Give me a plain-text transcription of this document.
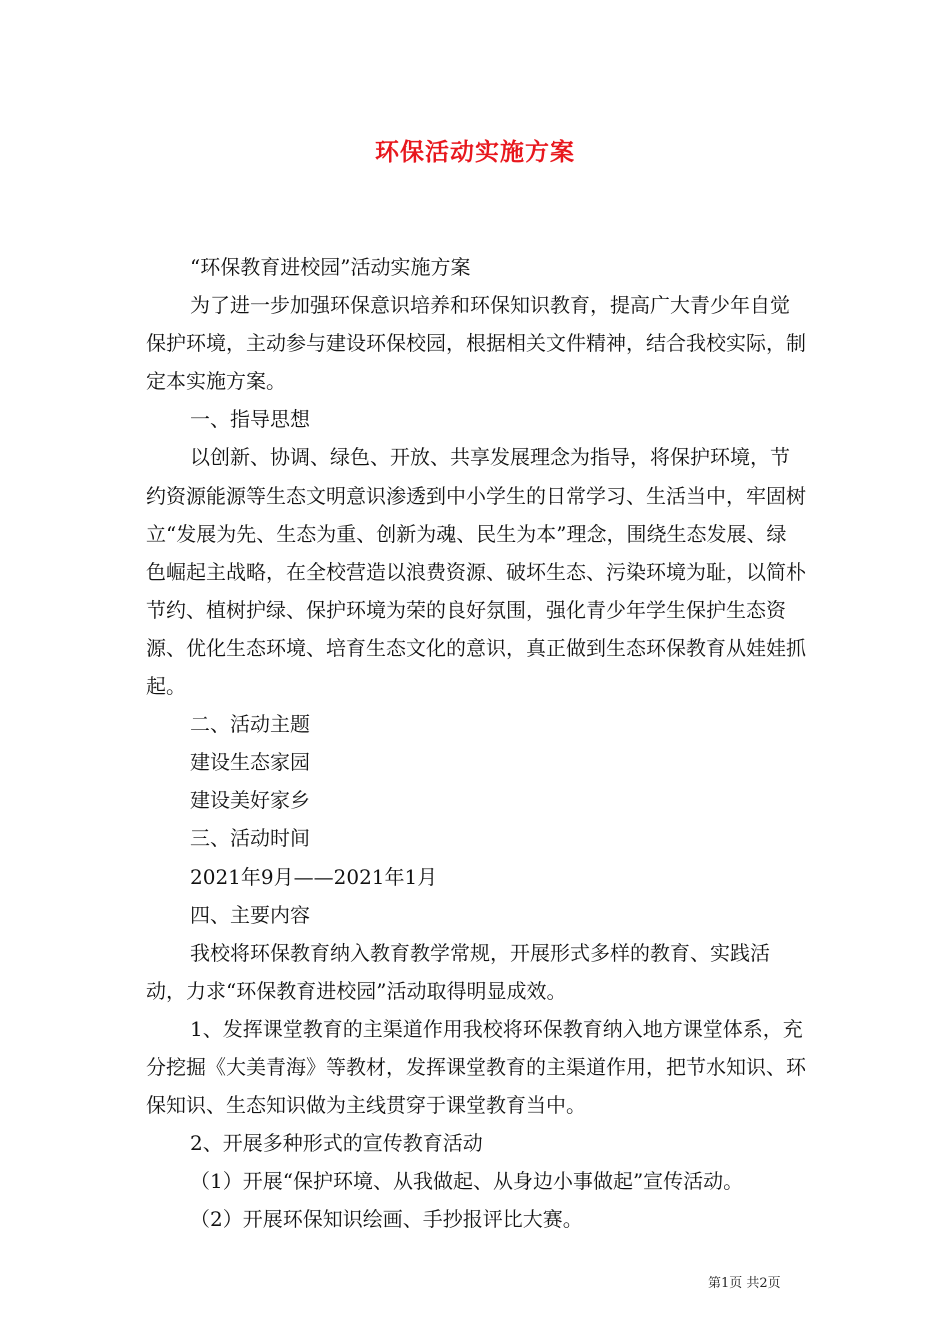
环保活动实施方案

“环保教育进校园”活动实施方案

为了进一步加强环保意识培养和环保知识教育，提高广大青少年自觉保护环境，主动参与建设环保校园，根据相关文件精神，结合我校实际，制定本实施方案。

一、指导思想

以创新、协调、绿色、开放、共享发展理念为指导，将保护环境，节约资源能源等生态文明意识渗透到中小学生的日常学习、生活当中，牢固树立“发展为先、生态为重、创新为魂、民生为本”理念，围绕生态发展、绿色崛起主战略，在全校营造以浪费资源、破坏生态、污染环境为耻，以简朴节约、植树护绿、保护环境为荣的良好氛围，强化青少年学生保护生态资源、优化生态环境、培育生态文化的意识，真正做到生态环保教育从娃娃抓起。

二、活动主题

建设生态家园

建设美好家乡

三、活动时间

2021年9月——2021年1月

四、主要内容

我校将环保教育纳入教育教学常规，开展形式多样的教育、实践活动，力求“环保教育进校园”活动取得明显成效。

1、发挥课堂教育的主渠道作用我校将环保教育纳入地方课堂体系，充分挖掘《大美青海》等教材，发挥课堂教育的主渠道作用，把节水知识、环保知识、生态知识做为主线贯穿于课堂教育当中。

2、开展多种形式的宣传教育活动

（1）开展“保护环境、从我做起、从身边小事做起”宣传活动。

（2）开展环保知识绘画、手抄报评比大赛。

第1页 共2页
